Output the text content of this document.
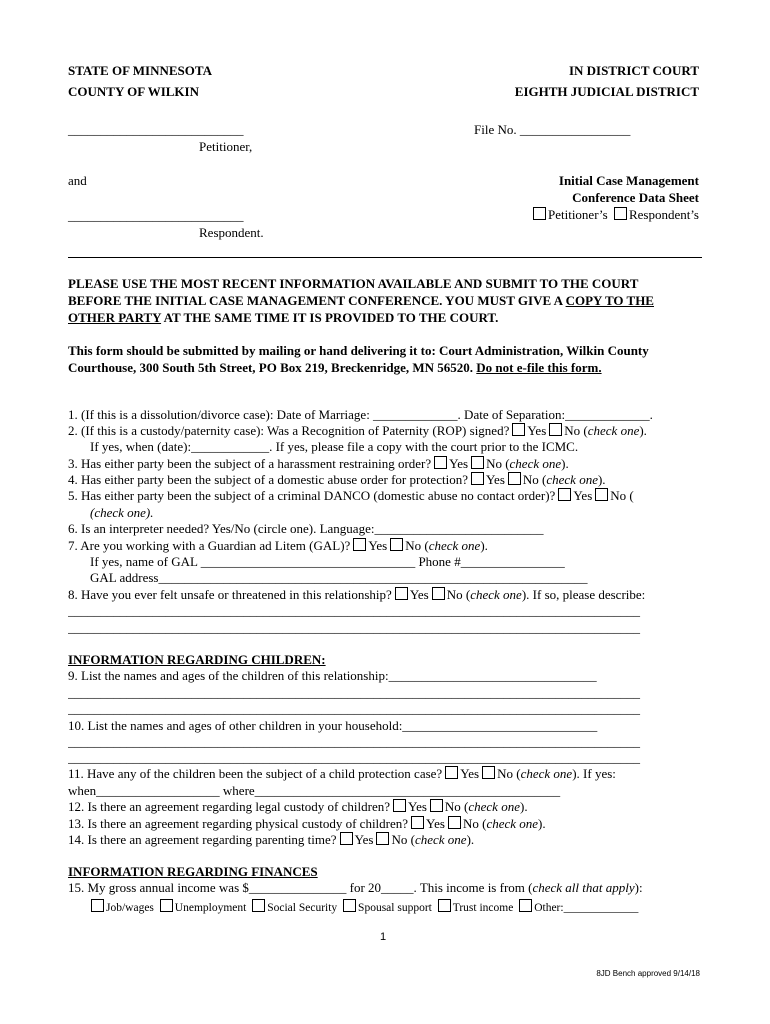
STATE OF MINNESOTA
COUNTY OF WILKIN
IN DISTRICT COURT
EIGHTH JUDICIAL DISTRICT
___________________________
Petitioner,
and
___________________________
Respondent.
File No. _________________
Initial Case Management
Conference Data Sheet
Petitioner’s Respondent’s
PLEASE USE THE MOST RECENT INFORMATION AVAILABLE AND SUBMIT TO THE COURT
BEFORE THE INITIAL CASE MANAGEMENT CONFERENCE. YOU MUST GIVE A COPY TO THE
OTHER PARTY AT THE SAME TIME IT IS PROVIDED TO THE COURT.
This form should be submitted by mailing or hand delivering it to: Court Administration, Wilkin County
Courthouse, 300 South 5th Street, PO Box 219, Breckenridge, MN 56520. Do not e-file this form.
1. (If this is a dissolution/divorce case): Date of Marriage: _____________. Date of Separation:_____________.
2. (If this is a custody/paternity case): Was a Recognition of Paternity (ROP) signed? Yes No (check one).
If yes, when (date):____________. If yes, please file a copy with the court prior to the ICMC.
3. Has either party been the subject of a harassment restraining order? Yes No (check one).
4. Has either party been the subject of a domestic abuse order for protection? Yes No (check one).
5. Has either party been the subject of a criminal DANCO (domestic abuse no contact order)? Yes No (
(check one).
6. Is an interpreter needed? Yes/No (circle one). Language:__________________________
7. Are you working with a Guardian ad Litem (GAL)? Yes No (check one).
If yes, name of GAL _________________________________ Phone #________________
GAL address__________________________________________________________________
8. Have you ever felt unsafe or threatened in this relationship? Yes No (check one). If so, please describe:
________________________________________________________________________________________
________________________________________________________________________________________
INFORMATION REGARDING CHILDREN:
9. List the names and ages of the children of this relationship:________________________________
________________________________________________________________________________________
________________________________________________________________________________________
10. List the names and ages of other children in your household:______________________________
________________________________________________________________________________________
________________________________________________________________________________________
11. Have any of the children been the subject of a child protection case? Yes No (check one). If yes:
when___________________ where_______________________________________________
12. Is there an agreement regarding legal custody of children? Yes No (check one).
13. Is there an agreement regarding physical custody of children? Yes No (check one).
14. Is there an agreement regarding parenting time? Yes No (check one).
INFORMATION REGARDING FINANCES
15. My gross annual income was $_______________ for 20_____. This income is from (check all that apply):
Job/wages Unemployment Social Security Spousal support Trust income Other:_____________
1
8JD Bench approved 9/14/18
